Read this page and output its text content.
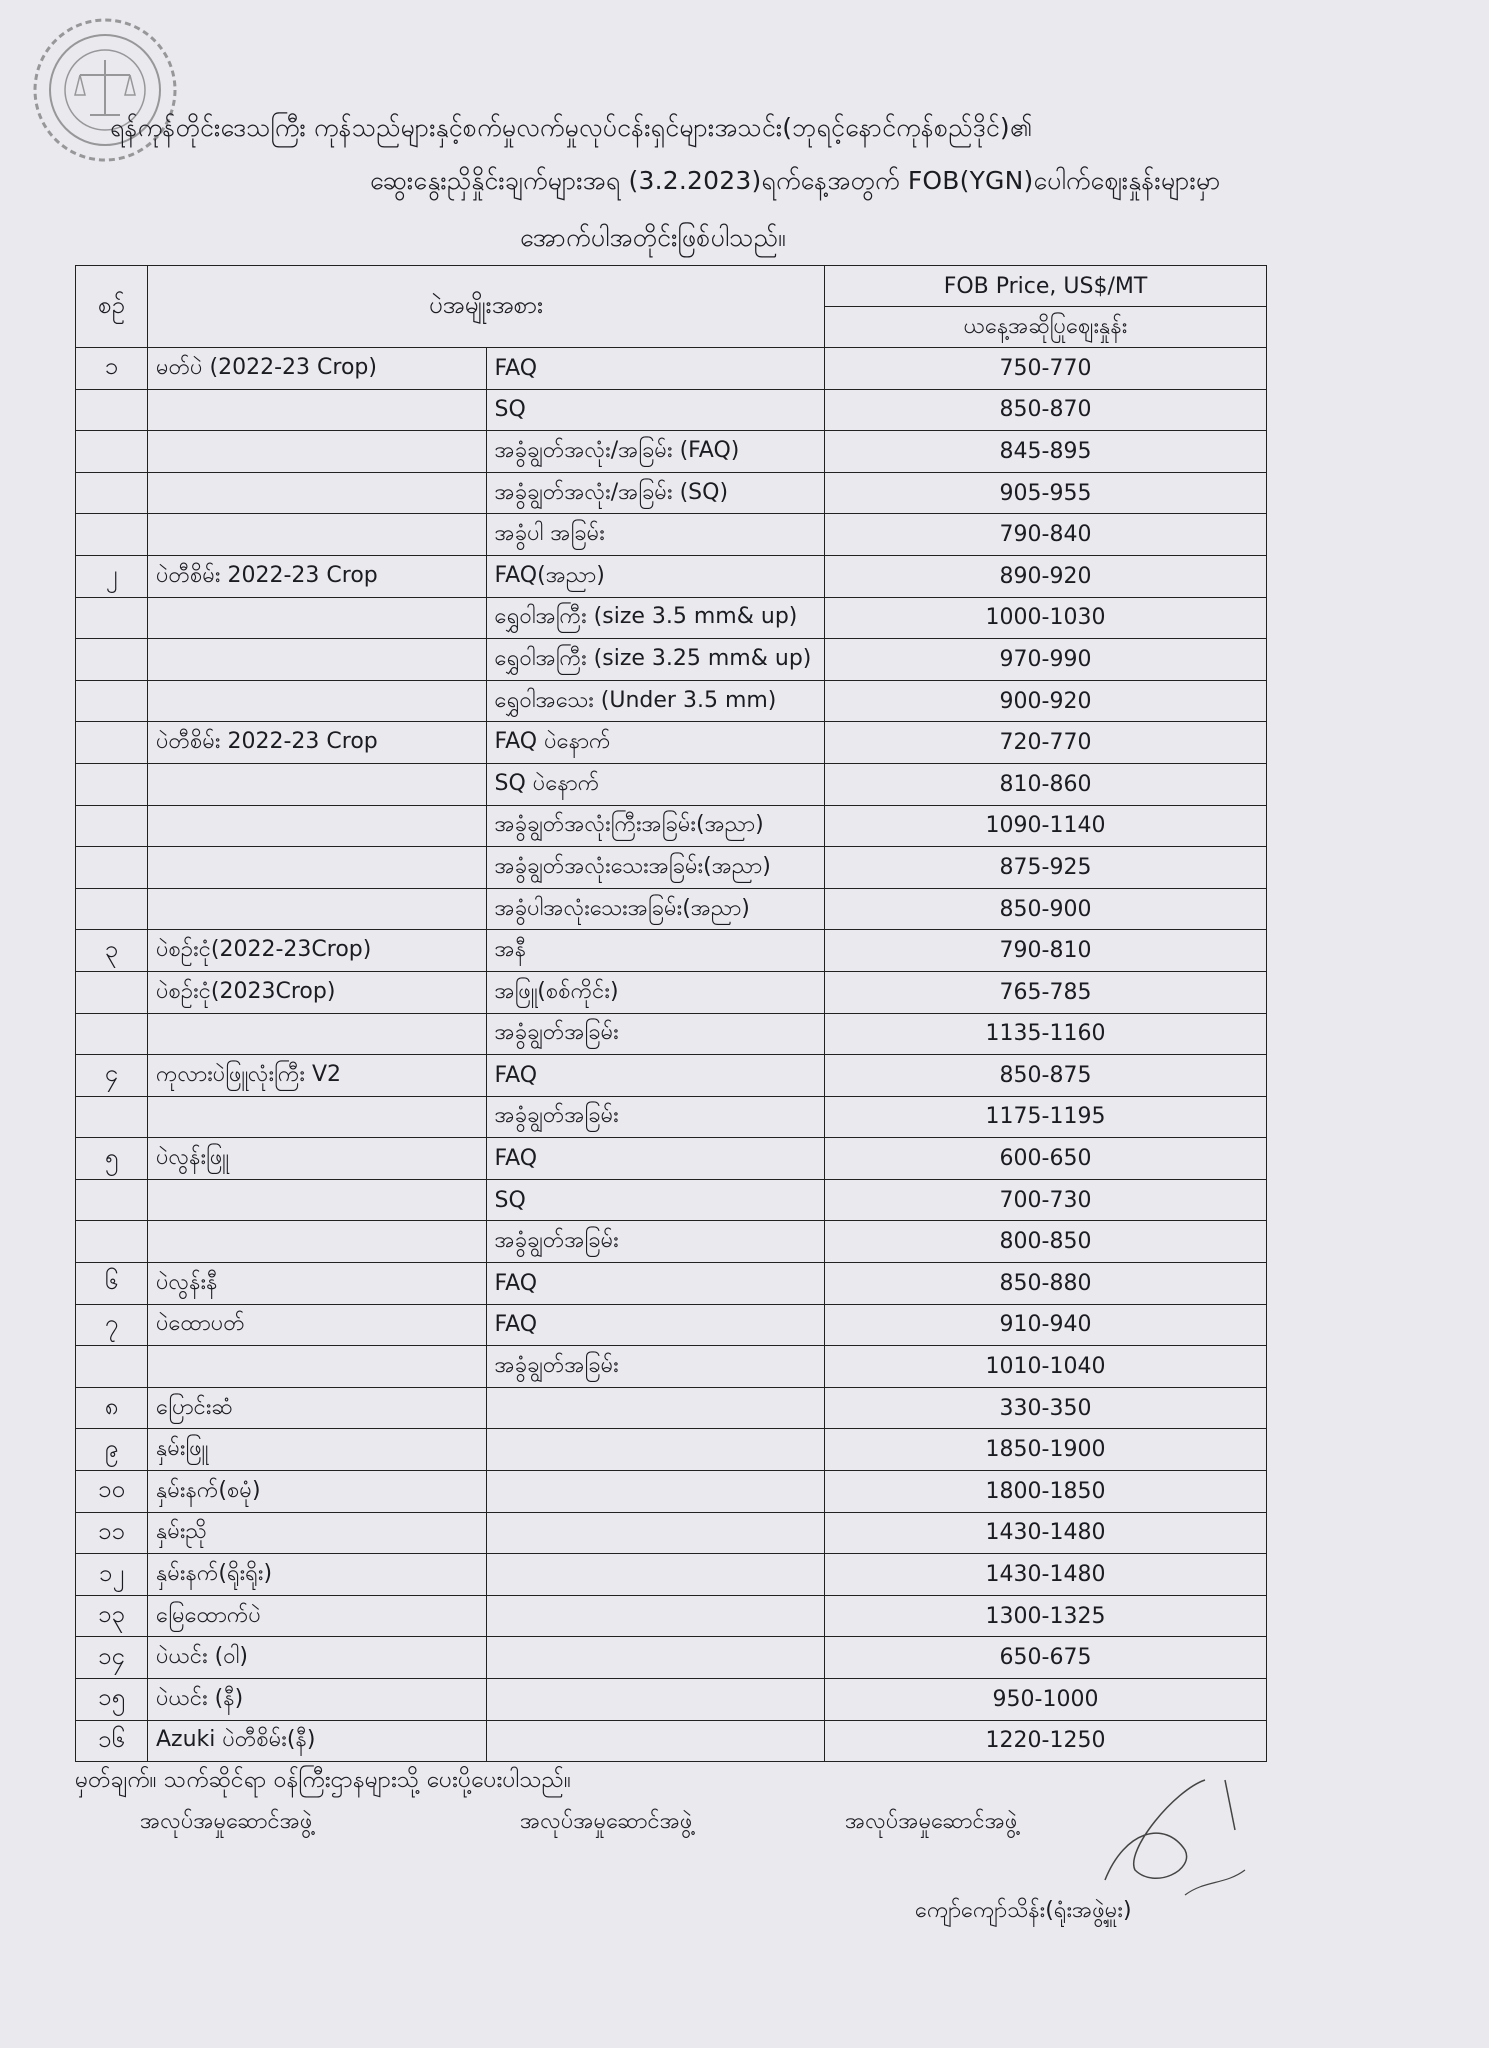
ရန်ကုန်တိုင်းဒေသကြီး ကုန်သည်များနှင့်စက်မှုလက်မှုလုပ်ငန်းရှင်များအသင်း(ဘုရင့်နောင်ကုန်စည်ဒိုင်)၏
ဆွေးနွေးညှိနှိုင်းချက်များအရ (3.2.2023)ရက်နေ့အတွက် FOB(YGN)ပေါက်ဈေးနှုန်းများမှာ
အောက်ပါအတိုင်းဖြစ်ပါသည်။
စဉ်	ပဲအမျိုးအစား		FOB Price, US$/MT
			ယနေ့အဆိုပြုဈေးနှုန်း
၁	မတ်ပဲ (2022-23 Crop)	FAQ	750-770
		SQ	850-870
		အခွံချွတ်အလုံး/အခြမ်း (FAQ)	845-895
		အခွံချွတ်အလုံး/အခြမ်း (SQ)	905-955
		အခွံပါ အခြမ်း	790-840
၂	ပဲတီစိမ်း 2022-23 Crop	FAQ(အညာ)	890-920
		ရွှေဝါအကြီး (size 3.5 mm& up)	1000-1030
		ရွှေဝါအကြီး (size 3.25 mm& up)	970-990
		ရွှေဝါအသေး (Under 3.5 mm)	900-920
	ပဲတီစိမ်း 2022-23 Crop	FAQ ပဲနောက်	720-770
		SQ ပဲနောက်	810-860
		အခွံချွတ်အလုံးကြီးအခြမ်း(အညာ)	1090-1140
		အခွံချွတ်အလုံးသေးအခြမ်း(အညာ)	875-925
		အခွံပါအလုံးသေးအခြမ်း(အညာ)	850-900
၃	ပဲစဉ်းငုံ(2022-23Crop)	အနီ	790-810
	ပဲစဉ်းငုံ(2023Crop)	အဖြူ(စစ်ကိုင်း)	765-785
		အခွံချွတ်အခြမ်း	1135-1160
၄	ကုလားပဲဖြူလုံးကြီး V2	FAQ	850-875
		အခွံချွတ်အခြမ်း	1175-1195
၅	ပဲလွန်းဖြူ	FAQ	600-650
		SQ	700-730
		အခွံချွတ်အခြမ်း	800-850
၆	ပဲလွန်းနီ	FAQ	850-880
၇	ပဲထောပတ်	FAQ	910-940
		အခွံချွတ်အခြမ်း	1010-1040
၈	ပြောင်းဆံ		330-350
၉	နှမ်းဖြူ		1850-1900
၁၀	နှမ်းနက်(စမုံ)		1800-1850
၁၁	နှမ်းညို		1430-1480
၁၂	နှမ်းနက်(ရိုးရိုး)		1430-1480
၁၃	မြေထောက်ပဲ		1300-1325
၁၄	ပဲယင်း (ဝါ)		650-675
၁၅	ပဲယင်း (နီ)		950-1000
၁၆	Azuki ပဲတီစိမ်း(နီ)		1220-1250
မှတ်ချက်။ သက်ဆိုင်ရာ ဝန်ကြီးဌာနများသို့ ပေးပို့ပေးပါသည်။
အလုပ်အမှုဆောင်အဖွဲ့	အလုပ်အမှုဆောင်အဖွဲ့	အလုပ်အမှုဆောင်အဖွဲ့
ကျော်ကျော်သိန်း(ရုံးအဖွဲ့မှူး)
